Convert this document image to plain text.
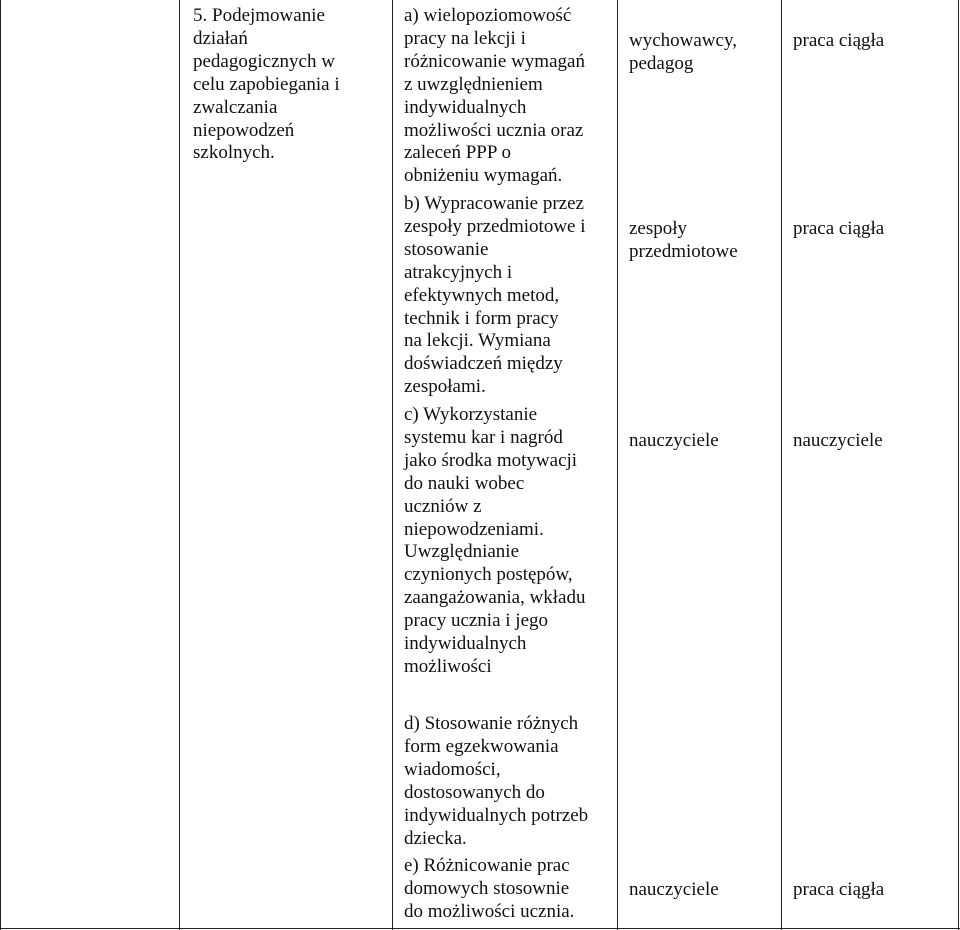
5. Podejmowanie
działań
pedagogicznych w
celu zapobiegania i
zwalczania
niepowodzeń
szkolnych.
a) wielopoziomowość
pracy na lekcji i
różnicowanie wymagań
z uwzględnieniem
indywidualnych
możliwości ucznia oraz
zaleceń PPP o
obniżeniu wymagań.
b) Wypracowanie przez
zespoły przedmiotowe i
stosowanie
atrakcyjnych i
efektywnych metod,
technik i form pracy
na lekcji. Wymiana
doświadczeń między
zespołami.
c) Wykorzystanie
systemu kar i nagród
jako środka motywacji
do nauki wobec
uczniów z
niepowodzeniami.
Uwzględnianie
czynionych postępów,
zaangażowania, wkładu
pracy ucznia i jego
indywidualnych
możliwości
d) Stosowanie różnych
form egzekwowania
wiadomości,
dostosowanych do
indywidualnych potrzeb
dziecka.
e) Różnicowanie prac
domowych stosownie
do możliwości ucznia.
wychowawcy,
pedagog
zespoły
przedmiotowe
nauczyciele
nauczyciele
praca ciągła
praca ciągła
nauczyciele
praca ciągła
